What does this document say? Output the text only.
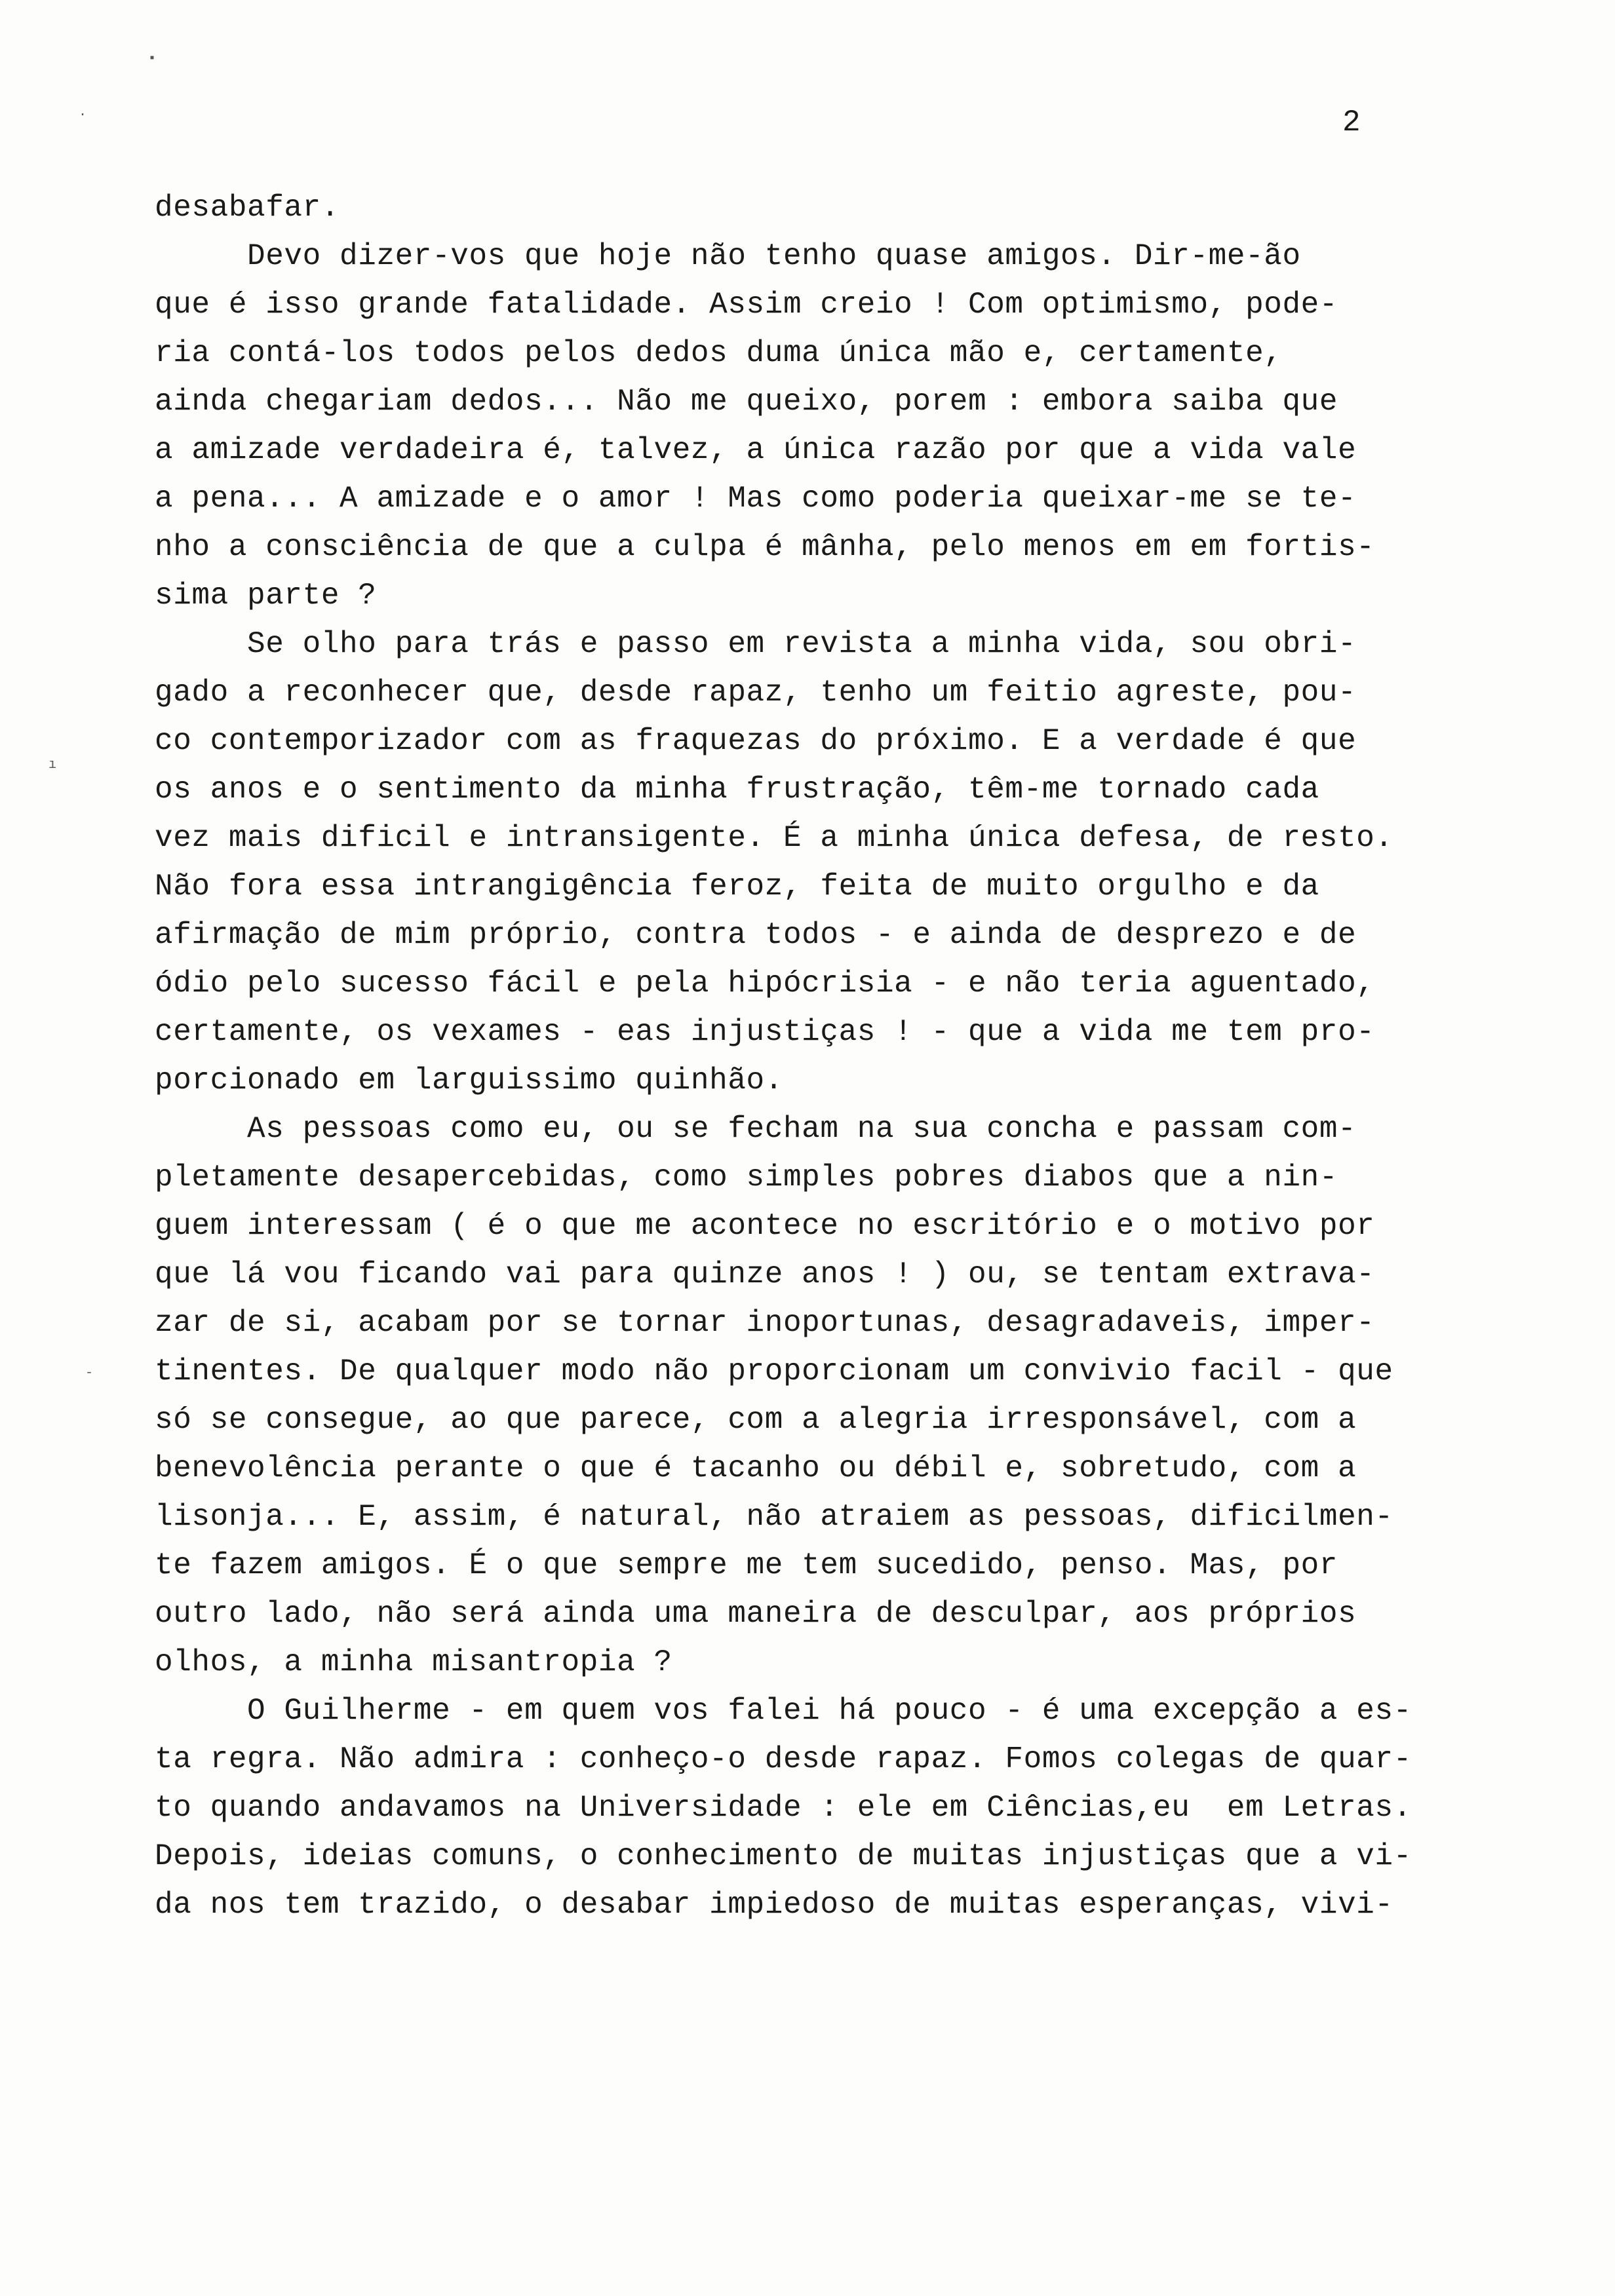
▪
·
ı
-

2

desabafar.
Devo dizer-vos que hoje não tenho quase amigos. Dir-me-ão
que é isso grande fatalidade. Assim creio ! Com optimismo, pode-
ria contá-los todos pelos dedos duma única mão e, certamente,
ainda chegariam dedos... Não me queixo, porem : embora saiba que
a amizade verdadeira é, talvez, a única razão por que a vida vale
a pena... A amizade e o amor ! Mas como poderia queixar-me se te-
nho a consciência de que a culpa é mânha, pelo menos em em fortis-
sima parte ?
Se olho para trás e passo em revista a minha vida, sou obri-
gado a reconhecer que, desde rapaz, tenho um feitio agreste, pou-
co contemporizador com as fraquezas do próximo. E a verdade é que
os anos e o sentimento da minha frustração, têm-me tornado cada
vez mais dificil e intransigente. É a minha única defesa, de resto.
Não fora essa intrangigência feroz, feita de muito orgulho e da
afirmação de mim próprio, contra todos - e ainda de desprezo e de
ódio pelo sucesso fácil e pela hipócrisia - e não teria aguentado,
certamente, os vexames - eas injustiças ! - que a vida me tem pro-
porcionado em larguissimo quinhão.
As pessoas como eu, ou se fecham na sua concha e passam com-
pletamente desapercebidas, como simples pobres diabos que a nin-
guem interessam ( é o que me acontece no escritório e o motivo por
que lá vou ficando vai para quinze anos ! ) ou, se tentam extrava-
zar de si, acabam por se tornar inoportunas, desagradaveis, imper-
tinentes. De qualquer modo não proporcionam um convivio facil - que
só se consegue, ao que parece, com a alegria irresponsável, com a
benevolência perante o que é tacanho ou débil e, sobretudo, com a
lisonja... E, assim, é natural, não atraiem as pessoas, dificilmen-
te fazem amigos. É o que sempre me tem sucedido, penso. Mas, por
outro lado, não será ainda uma maneira de desculpar, aos próprios
olhos, a minha misantropia ?
O Guilherme - em quem vos falei há pouco - é uma excepção a es-
ta regra. Não admira : conheço-o desde rapaz. Fomos colegas de quar-
to quando andavamos na Universidade : ele em Ciências,eu  em Letras.
Depois, ideias comuns, o conhecimento de muitas injustiças que a vi-
da nos tem trazido, o desabar impiedoso de muitas esperanças, vivi-
